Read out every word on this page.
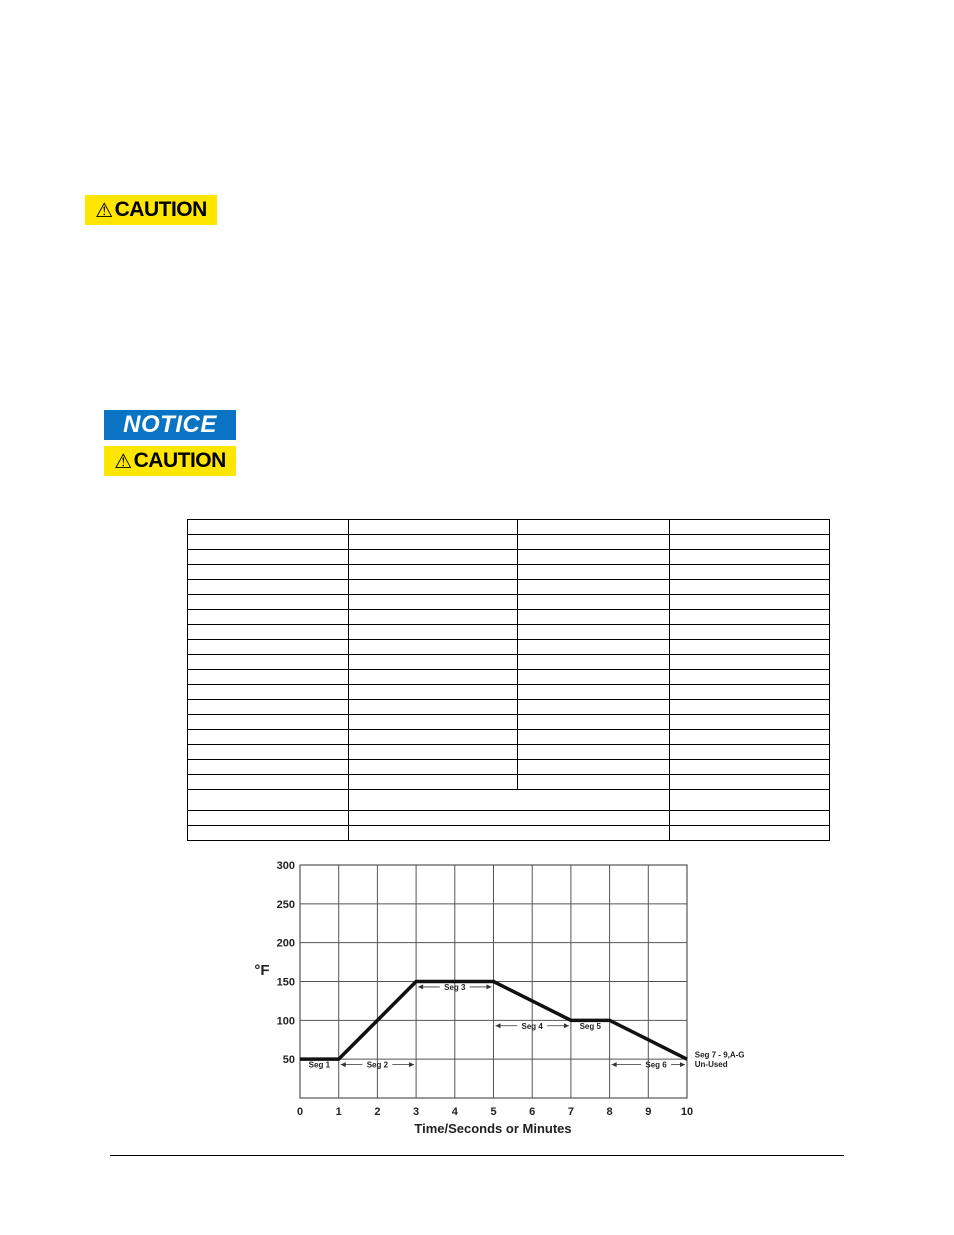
⚠ CAUTION
NOTICE
⚠ CAUTION

Seg 1	Seg 2
Seg 3
Seg 4	Seg 5
Seg 6
Seg 7 - 9,A-G
Un-Used
0	1	2	3	4	5	6	7	8	9	10
50
100
150
200
250
300
°F
Time/Seconds or Minutes
